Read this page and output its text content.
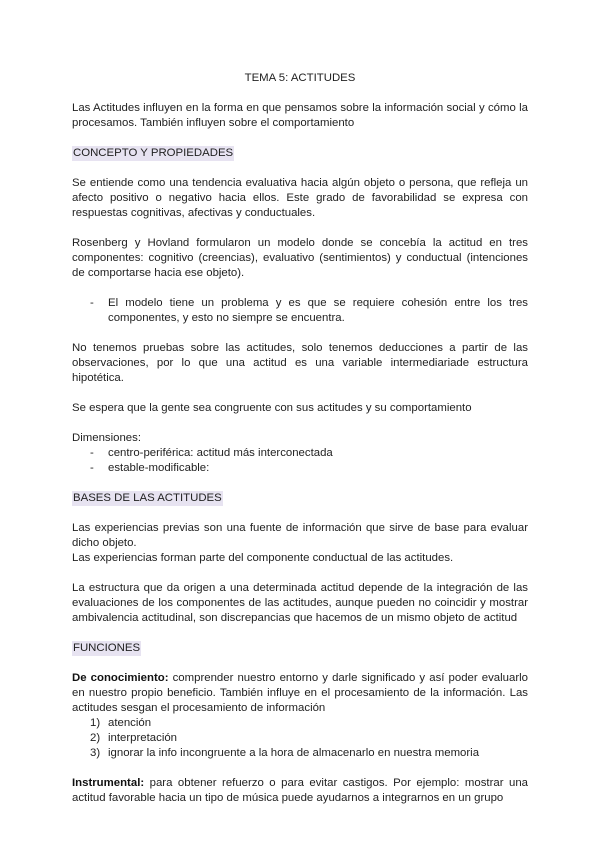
TEMA 5: ACTITUDES

Las Actitudes influyen en la forma en que pensamos sobre la información social y cómo la procesamos. También influyen sobre el comportamiento

CONCEPTO Y PROPIEDADES

Se entiende como una tendencia evaluativa hacia algún objeto o persona, que refleja un afecto positivo o negativo hacia ellos. Este grado de favorabilidad se expresa con respuestas cognitivas, afectivas y conductuales.

Rosenberg y Hovland formularon un modelo donde se concebía la actitud en tres componentes: cognitivo (creencias), evaluativo (sentimientos) y conductual (intenciones de comportarse hacia ese objeto).

- El modelo tiene un problema y es que se requiere cohesión entre los tres componentes, y esto no siempre se encuentra.

No tenemos pruebas sobre las actitudes, solo tenemos deducciones a partir de las observaciones, por lo que una actitud es una variable intermediariade estructura hipotética.

Se espera que la gente sea congruente con sus actitudes y su comportamiento

Dimensiones:

- centro-periférica: actitud más interconectada
- estable-modificable:
BASES DE LAS ACTITUDES

Las experiencias previas son una fuente de información que sirve de base para evaluar dicho objeto.

Las experiencias forman parte del componente conductual de las actitudes.

La estructura que da origen a una determinada actitud depende de la integración de las evaluaciones de los componentes de las actitudes, aunque pueden no coincidir y mostrar ambivalencia actitudinal, son discrepancias que hacemos de un mismo objeto de actitud

FUNCIONES

De conocimiento: comprender nuestro entorno y darle significado y así poder evaluarlo en nuestro propio beneficio. También influye en el procesamiento de la información. Las actitudes sesgan el procesamiento de información

1) atención
2) interpretación
3) ignorar la info incongruente a la hora de almacenarlo en nuestra memoria

Instrumental: para obtener refuerzo o para evitar castigos. Por ejemplo: mostrar una actitud favorable hacia un tipo de música puede ayudarnos a integrarnos en un grupo
